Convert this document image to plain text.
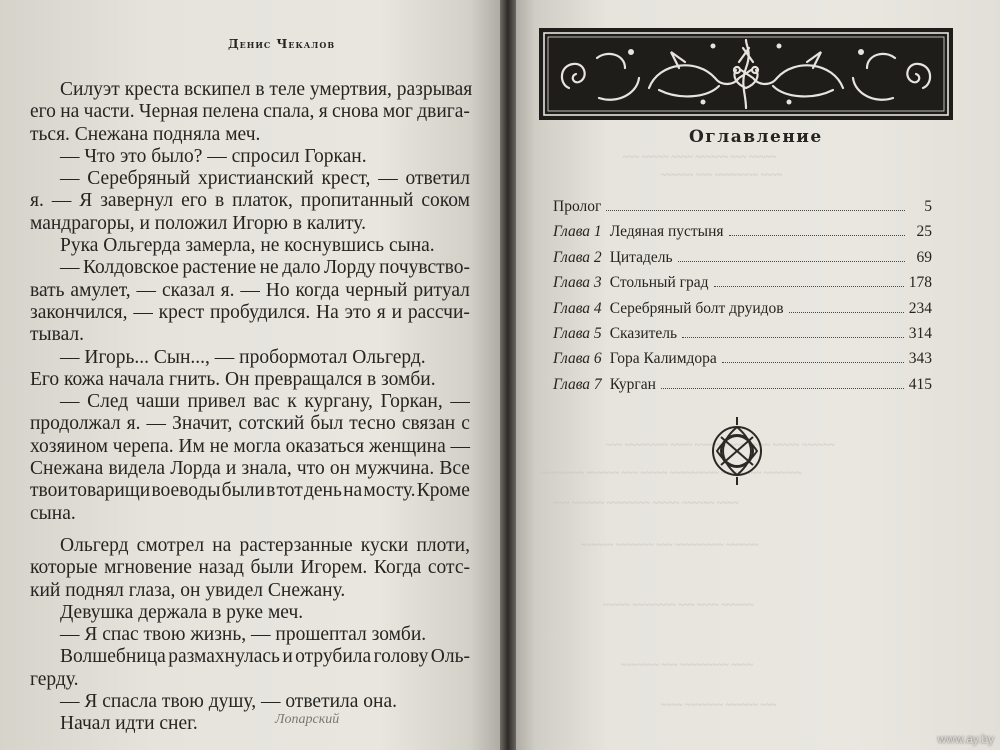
Денис Чекалов
Силуэт креста вскипел в теле умертвия, разрывая
его на части. Черная пелена спала, я снова мог двига-
ться. Снежана подняла меч.
— Что это было? — спросил Горкан.
— Серебряный христианский крест, — ответил
я. — Я завернул его в платок, пропитанный соком
мандрагоры, и положил Игорю в калиту.
Рука Ольгерда замерла, не коснувшись сына.
— Колдовское растение не дало Лорду почувство-
вать амулет, — сказал я. — Но когда черный ритуал
закончился, — крест пробудился. На это я и рассчи-
тывал.
— Игорь... Сын..., — пробормотал Ольгерд.
Его кожа начала гнить. Он превращался в зомби.
— След чаши привел вас к кургану, Горкан, —
продолжал я. — Значит, сотский был тесно связан с
хозяином черепа. Им не могла оказаться женщина —
Снежана видела Лорда и знала, что он мужчина. Все
твои товарищи воеводы были в тот день на мосту. Кроме
сына.
Ольгерд смотрел на растерзанные куски плоти,
которые мгновение назад были Игорем. Когда сотс-
кий поднял глаза, он увидел Снежану.
Девушка держала в руке меч.
— Я спас твою жизнь, — прошептал зомби.
Волшебница размахнулась и отрубила голову Оль-
герду.
— Я спасла твою душу, — ответила она.
Начал идти снег.	Лопарский
~~~ ~~~~~ ~~~~ ~~~~~~ ~~~ ~~~~~
~~~~~~ ~~~ ~~~~~~~~ ~~~~
~~~ ~~~~~~~~ ~~~~ ~~~~~~ ~~~ ~~~~ ~~~~~ ~~~~~~
~~~~~~~~ ~~~~~~ ~~~ ~~~~~ ~~~~~~~~~ ~~~~ ~~~ ~~~~~~~
~~~ ~~~~~~ ~~~~~~~~ ~~~~~ ~~~~~~ ~~~~
~~~~~~ ~~~~~~~ ~~~ ~~~~~~~~~ ~~~~~~
~~~~~ ~~~~~~~~ ~~~ ~~~~ ~~~~~~
~~~~~~~ ~~~ ~~~~~~~~~ ~~~~
~~~~ ~~~~~~~ ~~~~~~ ~~~
Оглавление
Пролог	5
Глава 1 Ледяная пустыня	25
Глава 2 Цитадель	69
Глава 3 Стольный град	178
Глава 4 Серебряный болт друидов	234
Глава 5 Сказитель	314
Глава 6 Гора Калимдора	343
Глава 7 Курган	415
www.ay.by
